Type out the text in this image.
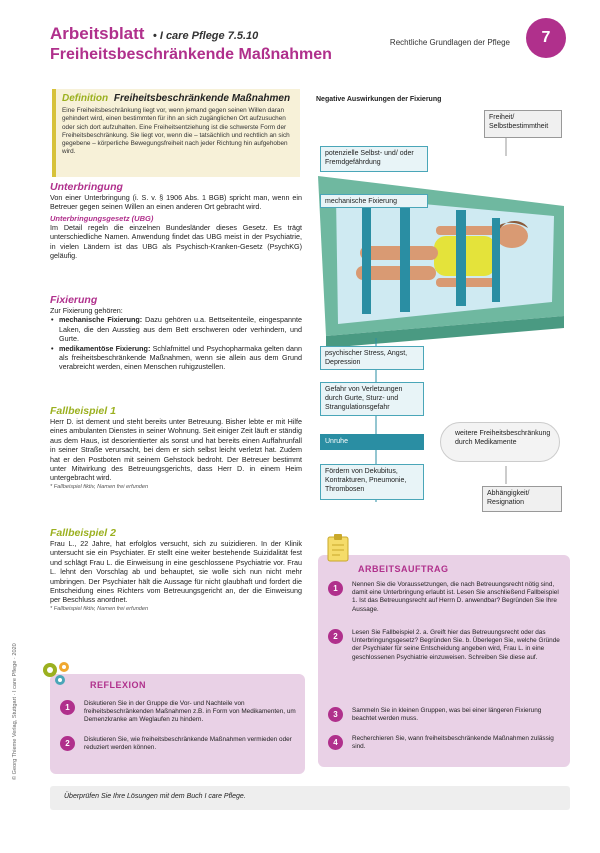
Arbeitsblatt • I care Pflege 7.5.10
Freiheitsbeschränkende Maßnahmen
Rechtliche Grundlagen der Pflege	7
Definition Freiheitsbeschränkende Maßnahmen
Eine Freiheitsbeschränkung liegt vor, wenn jemand gegen seinen Willen daran gehindert wird, einen bestimmten für ihn an sich zugänglichen Ort aufzusuchen oder sich dort aufzuhalten. Eine Freiheitsentziehung ist die schwerste Form der Freiheitsbeschränkung. Sie liegt vor, wenn die – tatsächlich und rechtlich an sich gegebene – körperliche Bewegungsfreiheit nach jeder Richtung hin aufgehoben wird.
Unterbringung
Von einer Unterbringung (i. S. v. § 1906 Abs. 1 BGB) spricht man, wenn ein Betreuer gegen seinen Willen an einen anderen Ort gebracht wird.
Unterbringungsgesetz (UBG)
Im Detail regeln die einzelnen Bundesländer dieses Gesetz. Es trägt unterschiedliche Namen. Anwendung findet das UBG meist in der Psychiatrie, in vielen Ländern ist das UBG als Psychisch-Kranken-Gesetz (PsychKG) geläufig.
Fixierung
Zur Fixierung gehören:
• mechanische Fixierung: Dazu gehören u.a. Bettseitenteile, eingespannte Laken, die den Ausstieg aus dem Bett erschweren oder verhindern, und Gurte.
• medikamentöse Fixierung: Schlafmittel und Psychopharmaka gelten dann als freiheitsbeschränkende Maßnahmen, wenn sie allein aus dem Grund verabreicht werden, einen Menschen ruhigzustellen.
Fallbeispiel 1
Herr D. ist dement und steht bereits unter Betreuung. Bisher lebte er mit Hilfe eines ambulanten Dienstes in seiner Wohnung. Seit einiger Zeit läuft er ständig aus dem Haus, ist desorientierter als sonst und hat bereits einen Auffahrunfall in seiner Straße verursacht, bei dem er sich selbst leicht verletzt hat. Zudem hat er den Postboten mit seinem Gehstock bedroht. Der Betreuer bestimmt unter Mitwirkung des Betreuungsgerichts, dass Herr D. in einem Heim untergebracht wird.
* Fallbeispiel fiktiv, Namen frei erfunden
Fallbeispiel 2
Frau L., 22 Jahre, hat erfolglos versucht, sich zu suizidieren. In der Klinik untersucht sie ein Psychiater. Er stellt eine weiter bestehende Suizidalität fest und schlägt Frau L. die Einweisung in eine geschlossene Psychiatrie vor. Frau L. lehnt den Vorschlag ab und behauptet, sie wolle sich nun nicht mehr umbringen. Der Psychiater hält die Aussage für nicht glaubhaft und fordert die Entscheidung eines Richters vom Betreuungsgericht an, der die Einweisung per Beschluss anordnet.
* Fallbeispiel fiktiv, Namen frei erfunden
Negative Auswirkungen der Fixierung
Freiheit/ Selbstbestimmtheit
potenzielle Selbst- und/ oder Fremdgefährdung
mechanische Fixierung
psychischer Stress, Angst, Depression
Gefahr von Verletzungen durch Gurte, Sturz- und Strangulationsgefahr
Unruhe
Fördern von Dekubitus, Kontrakturen, Pneumonie, Thrombosen
Abhängigkeit/ Resignation
weitere Freiheitsbeschränkung durch Medikamente
ARBEITSAUFTRAG
1	Nennen Sie die Voraussetzungen, die nach Betreuungsrecht nötig sind, damit eine Unterbringung erlaubt ist. Lesen Sie anschließend Fallbeispiel 1. Ist das Betreuungsrecht auf Herrn D. anwendbar? Begründen Sie Ihre Aussage.
2	Lesen Sie Fallbeispiel 2. a. Greift hier das Betreuungsrecht oder das Unterbringungsgesetz? Begründen Sie. b. Überlegen Sie, welche Gründe der Psychiater für seine Entscheidung angeben wird, Frau L. in eine geschlossenen Psychiatrie einzuweisen. Schreiben Sie diese auf.
3	Sammeln Sie in kleinen Gruppen, was bei einer längeren Fixierung beachtet werden muss.
4	Recherchieren Sie, wann freiheitsbeschränkende Maßnahmen zulässig sind.
REFLEXION
1	Diskutieren Sie in der Gruppe die Vor- und Nachteile von freiheitsbeschränkenden Maßnahmen z.B. in Form von Medikamenten, um Demenzkranke am Weglaufen zu hindern.
2	Diskutieren Sie, wie freiheitsbeschränkende Maßnahmen vermieden oder reduziert werden können.
Überprüfen Sie Ihre Lösungen mit dem Buch I care Pflege.
© Georg Thieme Verlag, Stuttgart · I care Pflege · 2020
